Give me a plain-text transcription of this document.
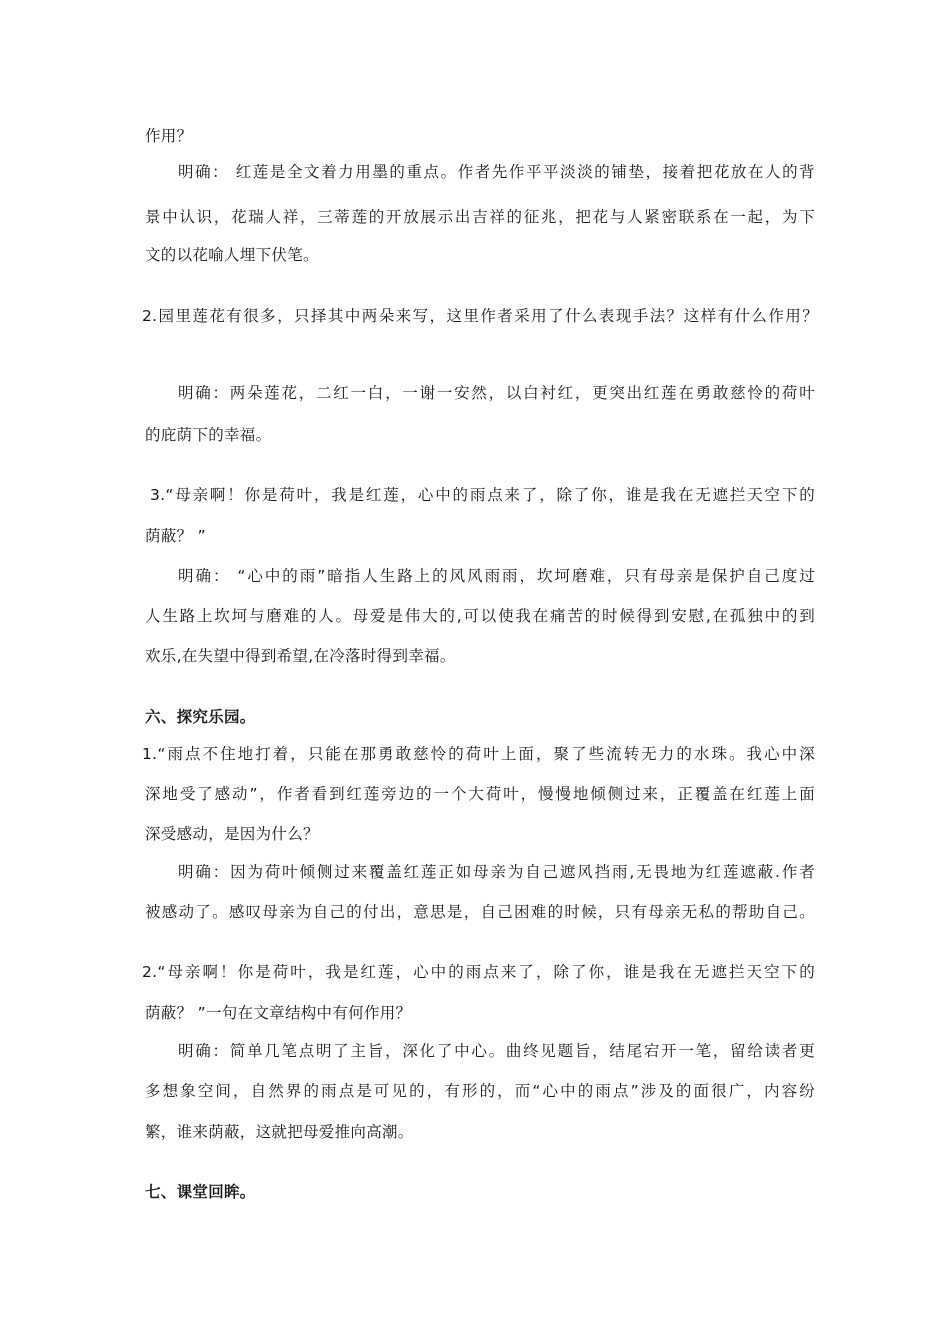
作用？
明确： 红莲是全文着力用墨的重点。作者先作平平淡淡的铺垫，接着把花放在人的背
景中认识，花瑞人祥，三蒂莲的开放展示出吉祥的征兆，把花与人紧密联系在一起，为下
文的以花喻人埋下伏笔。
2.园里莲花有很多，只择其中两朵来写，这里作者采用了什么表现手法？这样有什么作用？
明确：两朵莲花，二红一白，一谢一安然，以白衬红，更突出红莲在勇敢慈怜的荷叶
的庇荫下的幸福。
3.“母亲啊！你是荷叶，我是红莲，心中的雨点来了，除了你，谁是我在无遮拦天空下的
荫蔽？ ”
明确： “心中的雨”暗指人生路上的风风雨雨，坎坷磨难，只有母亲是保护自己度过
人生路上坎坷与磨难的人。母爱是伟大的,可以使我在痛苦的时候得到安慰,在孤独中的到
欢乐,在失望中得到希望,在冷落时得到幸福。
六、探究乐园。
1.“雨点不住地打着，只能在那勇敢慈怜的荷叶上面，聚了些流转无力的水珠。我心中深
深地受了感动”，作者看到红莲旁边的一个大荷叶，慢慢地倾侧过来，正覆盖在红莲上面
深受感动，是因为什么？
明确：因为荷叶倾侧过来覆盖红莲正如母亲为自己遮风挡雨,无畏地为红莲遮蔽.作者
被感动了。感叹母亲为自己的付出，意思是，自己困难的时候，只有母亲无私的帮助自己。
2.“母亲啊！你是荷叶，我是红莲，心中的雨点来了，除了你，谁是我在无遮拦天空下的
荫蔽？ ”一句在文章结构中有何作用？
明确：简单几笔点明了主旨，深化了中心。曲终见题旨，结尾宕开一笔，留给读者更
多想象空间，自然界的雨点是可见的，有形的，而“心中的雨点”涉及的面很广，内容纷
繁，谁来荫蔽，这就把母爱推向高潮。
七、课堂回眸。
